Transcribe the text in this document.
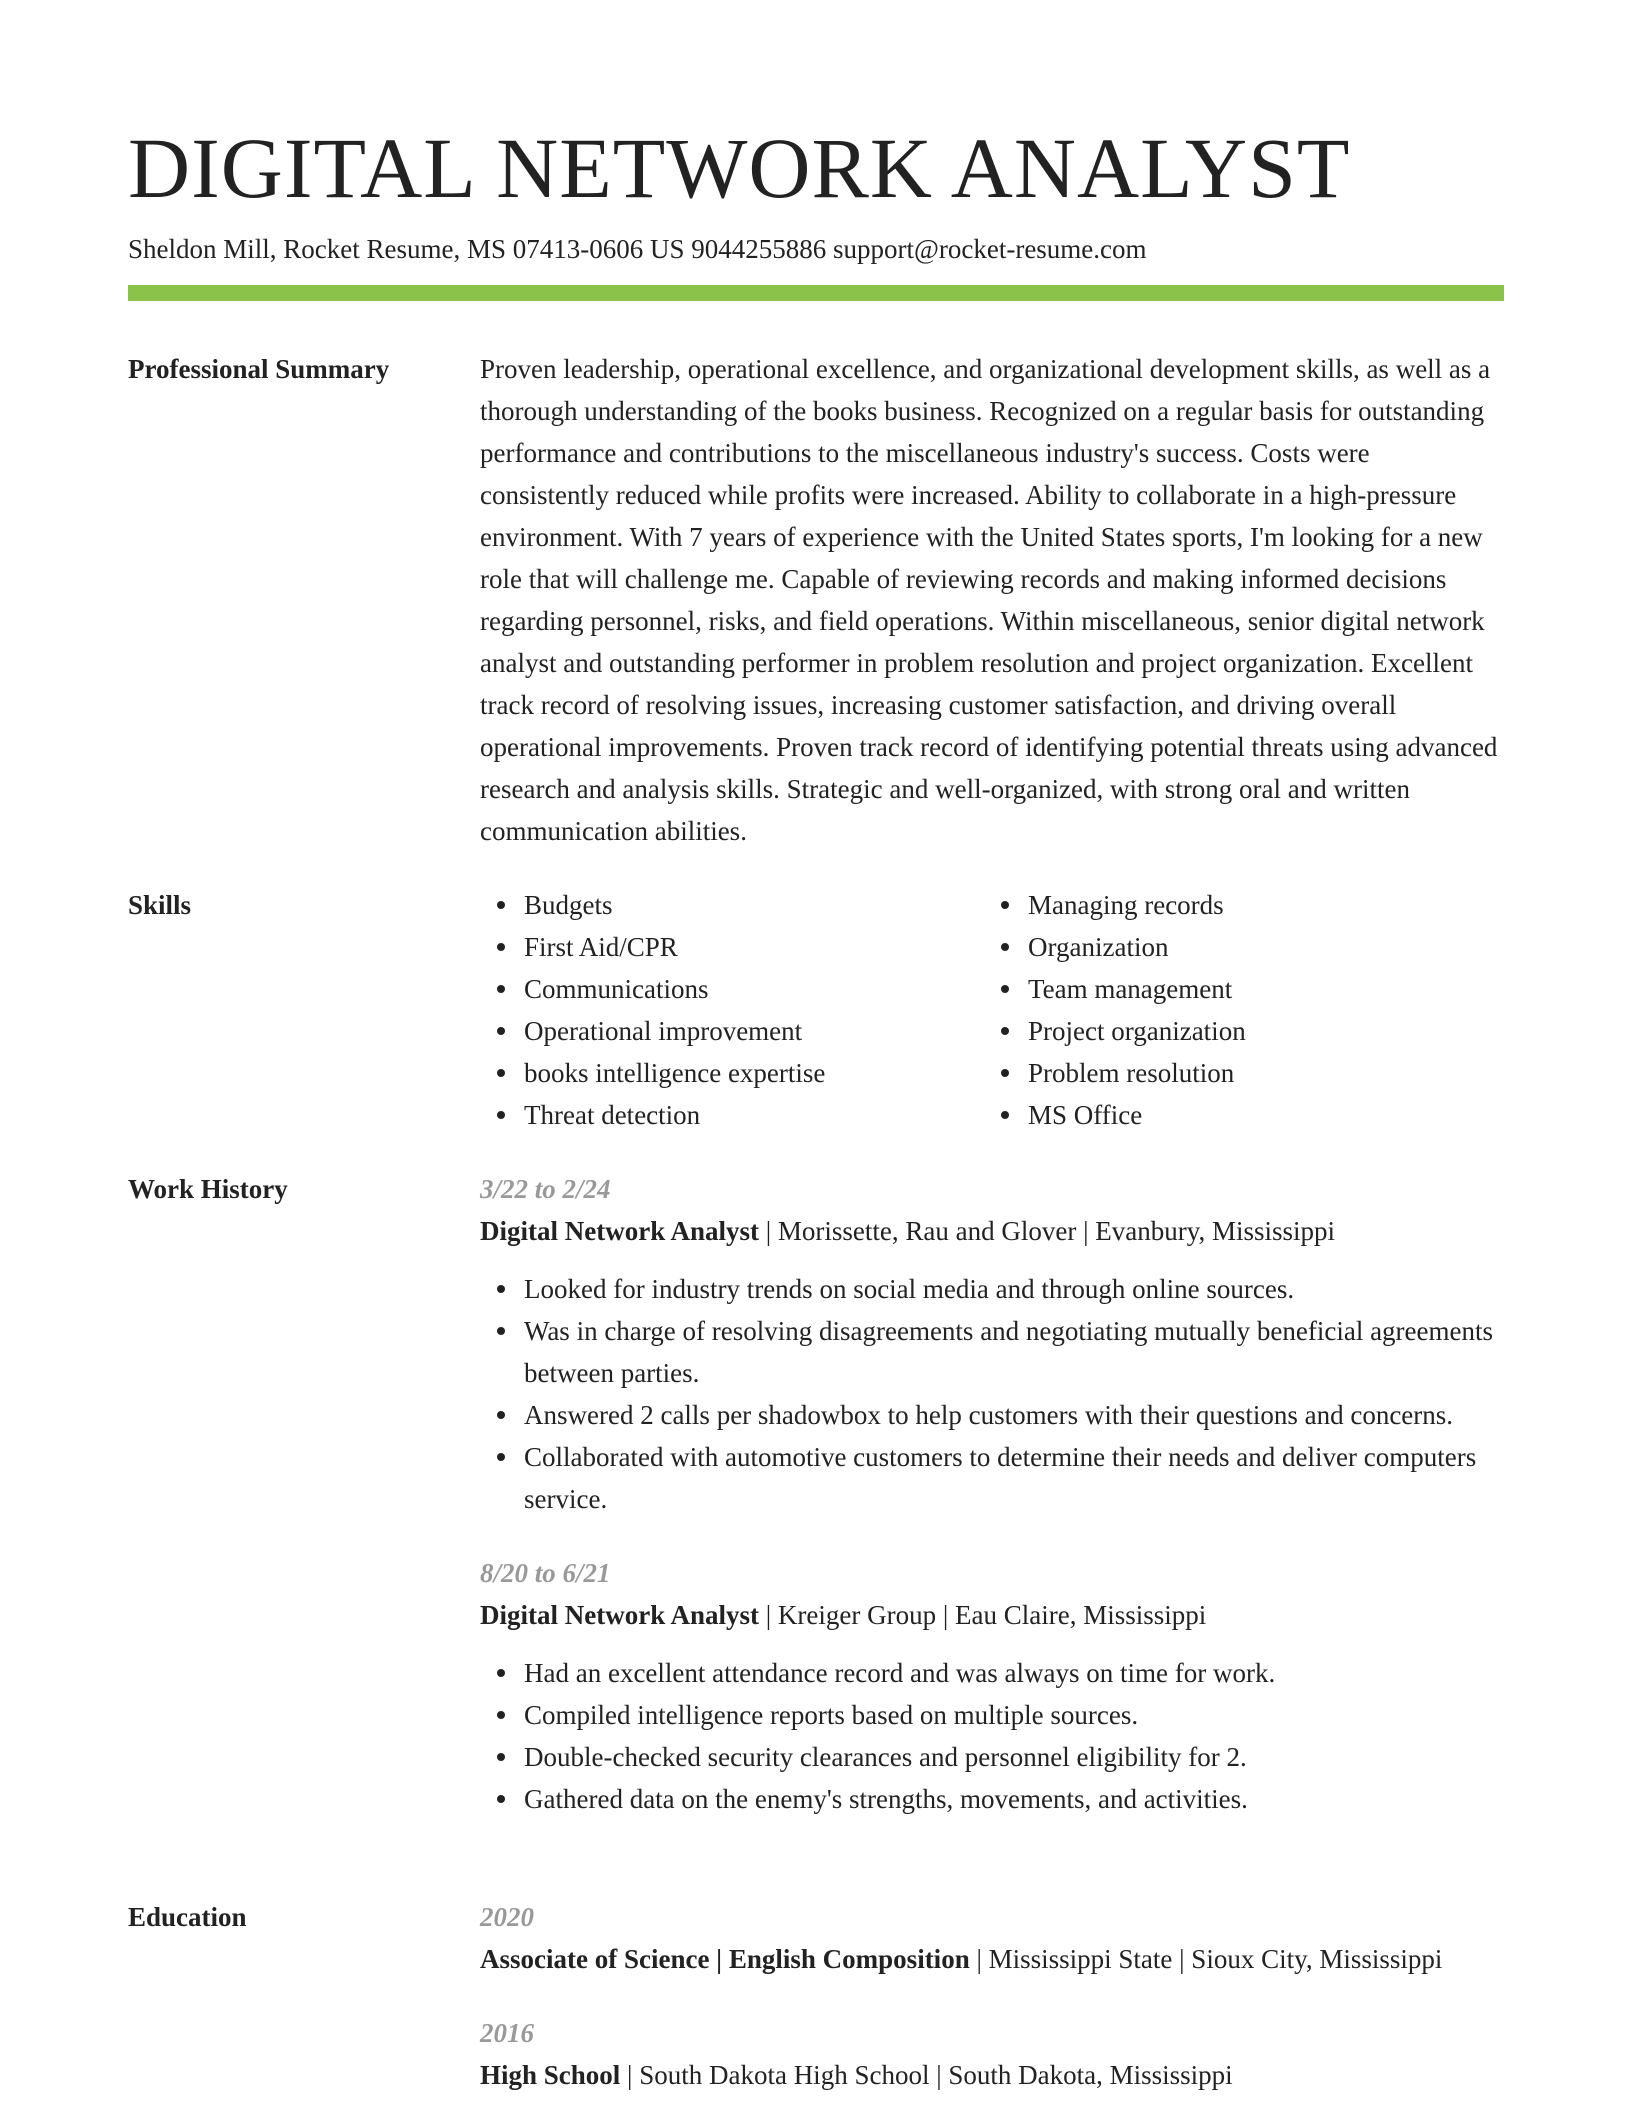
DIGITAL NETWORK ANALYST
Sheldon Mill, Rocket Resume, MS 07413-0606 US 9044255886 support@rocket-resume.com
Professional Summary	Proven leadership, operational excellence, and organizational development skills, as well as a thorough understanding of the books business. Recognized on a regular basis for outstanding performance and contributions to the miscellaneous industry's success. Costs were consistently reduced while profits were increased. Ability to collaborate in a high-pressure environment. With 7 years of experience with the United States sports, I'm looking for a new role that will challenge me. Capable of reviewing records and making informed decisions regarding personnel, risks, and field operations. Within miscellaneous, senior digital network analyst and outstanding performer in problem resolution and project organization. Excellent track record of resolving issues, increasing customer satisfaction, and driving overall operational improvements. Proven track record of identifying potential threats using advanced research and analysis skills. Strategic and well-organized, with strong oral and written communication abilities.

Skills	Budgets
First Aid/CPR
Communications
Operational improvement
books intelligence expertise
Threat detection
Managing records
Organization
Team management
Project organization
Problem resolution
MS Office
Work History	3/22 to 2/24
Digital Network Analyst | Morissette, Rau and Glover | Evanbury, Mississippi
Looked for industry trends on social media and through online sources.
Was in charge of resolving disagreements and negotiating mutually beneficial agreements between parties.
Answered 2 calls per shadowbox to help customers with their questions and concerns.
Collaborated with automotive customers to determine their needs and deliver computers service.
8/20 to 6/21
Digital Network Analyst | Kreiger Group | Eau Claire, Mississippi
Had an excellent attendance record and was always on time for work.
Compiled intelligence reports based on multiple sources.
Double-checked security clearances and personnel eligibility for 2.
Gathered data on the enemy's strengths, movements, and activities.
Education	2020
Associate of Science | English Composition | Mississippi State | Sioux City, Mississippi
2016
High School | South Dakota High School | South Dakota, Mississippi
